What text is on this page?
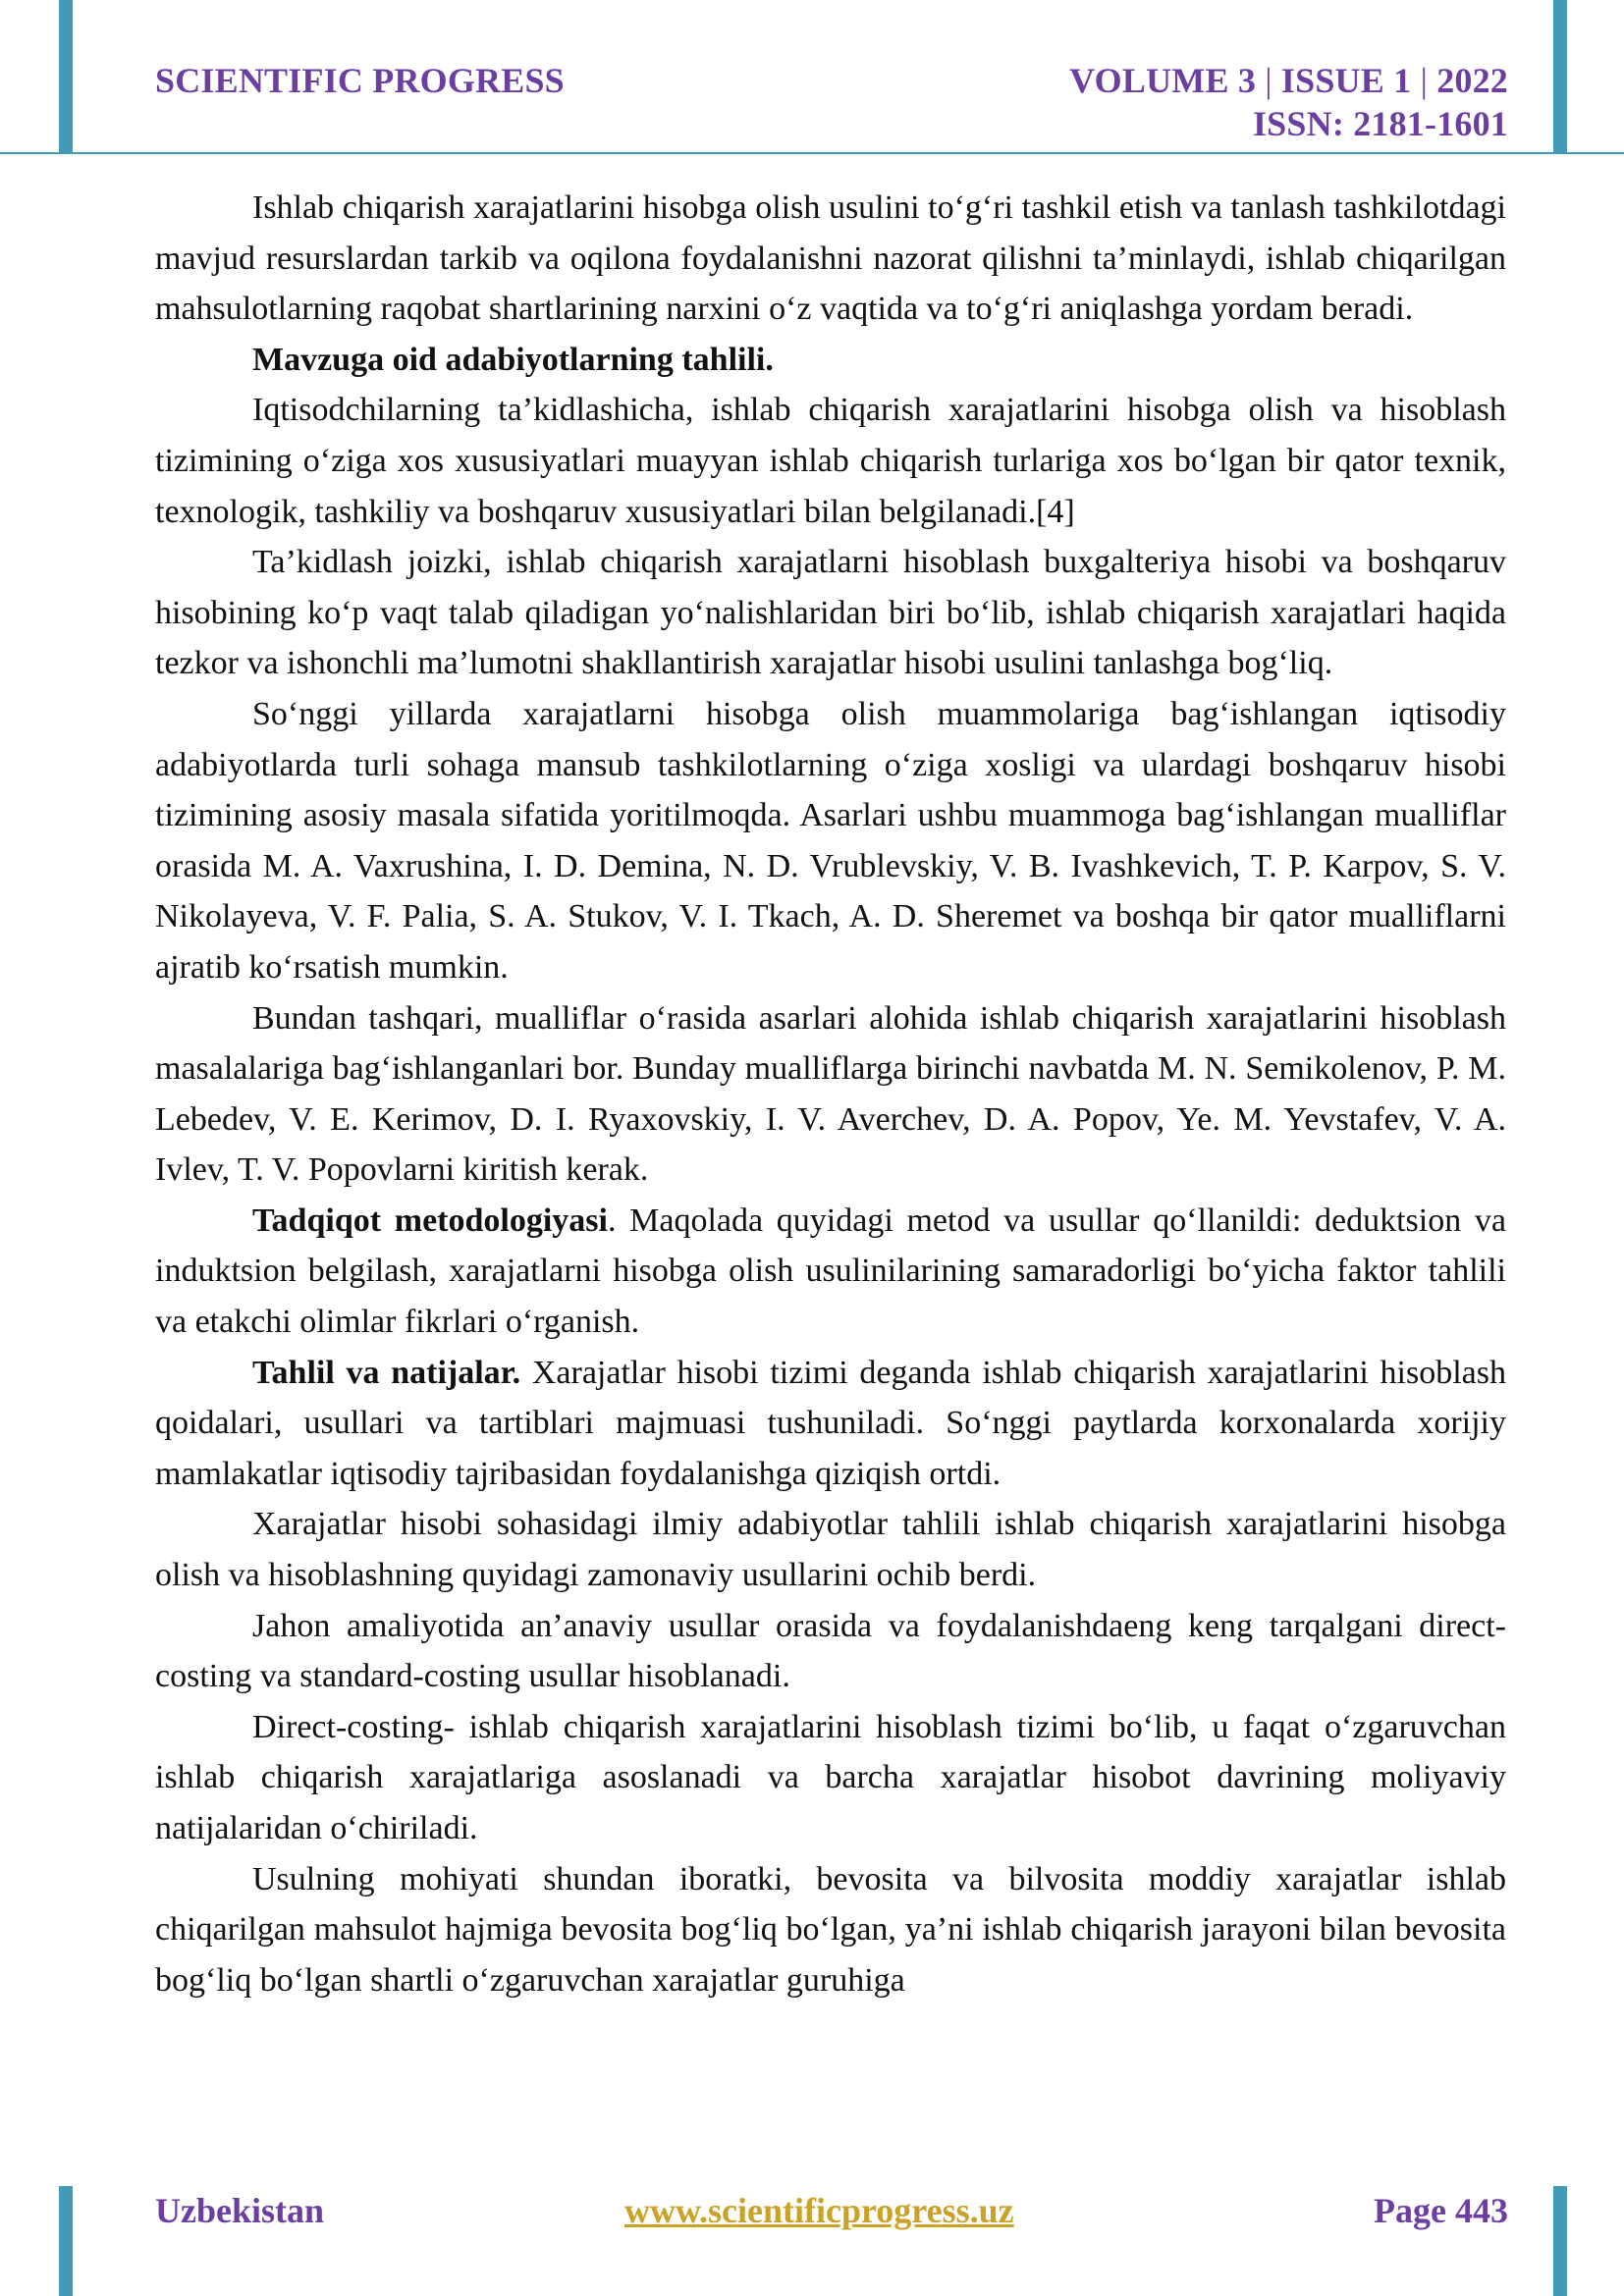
SCIENTIFIC PROGRESS	VOLUME 3 | ISSUE 1 | 2022
ISSN: 2181-1601

Ishlab chiqarish xarajatlarini hisobga olish usulini to‘g‘ri tashkil etish va tanlash tashkilotdagi mavjud resurslardan tarkib va oqilona foydalanishni nazorat qilishni ta’minlaydi, ishlab chiqarilgan mahsulotlarning raqobat shartlarining narxini o‘z vaqtida va to‘g‘ri aniqlashga yordam beradi.

Mavzuga oid adabiyotlarning tahlili.

Iqtisodchilarning ta’kidlashicha, ishlab chiqarish xarajatlarini hisobga olish va hisoblash tizimining o‘ziga xos xususiyatlari muayyan ishlab chiqarish turlariga xos bo‘lgan bir qator texnik, texnologik, tashkiliy va boshqaruv xususiyatlari bilan belgilanadi.[4]

Ta’kidlash joizki, ishlab chiqarish xarajatlarni hisoblash buxgalteriya hisobi va boshqaruv hisobining ko‘p vaqt talab qiladigan yo‘nalishlaridan biri bo‘lib, ishlab chiqarish xarajatlari haqida tezkor va ishonchli ma’lumotni shakllantirish xarajatlar hisobi usulini tanlashga bog‘liq.

So‘nggi yillarda xarajatlarni hisobga olish muammolariga bag‘ishlangan iqtisodiy adabiyotlarda turli sohaga mansub tashkilotlarning o‘ziga xosligi va ulardagi boshqaruv hisobi tizimining asosiy masala sifatida yoritilmoqda. Asarlari ushbu muammoga bag‘ishlangan mualliflar orasida M. A. Vaxrushina, I. D. Demina, N. D. Vrublevskiy, V. B. Ivashkevich, T. P. Karpov, S. V. Nikolayeva, V. F. Palia, S. A. Stukov, V. I. Tkach, A. D. Sheremet va boshqa bir qator mualliflarni ajratib ko‘rsatish mumkin.

Bundan tashqari, mualliflar o‘rasida asarlari alohida ishlab chiqarish xarajatlarini hisoblash masalalariga bag‘ishlanganlari bor. Bunday mualliflarga birinchi navbatda M. N. Semikolenov, P. M. Lebedev, V. E. Kerimov, D. I. Ryaxovskiy, I. V. Averchev, D. A. Popov, Ye. M. Yevstafev, V. A. Ivlev, T. V. Popovlarni kiritish kerak.

Tadqiqot metodologiyasi. Maqolada quyidagi metod va usullar qo‘llanildi: deduktsion va induktsion belgilash, xarajatlarni hisobga olish usulinilarining samaradorligi bo‘yicha faktor tahlili va etakchi olimlar fikrlari o‘rganish.

Tahlil va natijalar. Xarajatlar hisobi tizimi deganda ishlab chiqarish xarajatlarini hisoblash qoidalari, usullari va tartiblari majmuasi tushuniladi. So‘nggi paytlarda korxonalarda xorijiy mamlakatlar iqtisodiy tajribasidan foydalanishga qiziqish ortdi.

Xarajatlar hisobi sohasidagi ilmiy adabiyotlar tahlili ishlab chiqarish xarajatlarini hisobga olish va hisoblashning quyidagi zamonaviy usullarini ochib berdi.

Jahon amaliyotida an’anaviy usullar orasida va foydalanishdaeng keng tarqalgani direct-costing va standard-costing usullar hisoblanadi.

Direct-costing- ishlab chiqarish xarajatlarini hisoblash tizimi bo‘lib, u faqat o‘zgaruvchan ishlab chiqarish xarajatlariga asoslanadi va barcha xarajatlar hisobot davrining moliyaviy natijalaridan o‘chiriladi.

Usulning mohiyati shundan iboratki, bevosita va bilvosita moddiy xarajatlar ishlab chiqarilgan mahsulot hajmiga bevosita bog‘liq bo‘lgan, ya’ni ishlab chiqarish jarayoni bilan bevosita bog‘liq bo‘lgan shartli o‘zgaruvchan xarajatlar guruhiga

Uzbekistan	www.scientificprogress.uz	Page 443
